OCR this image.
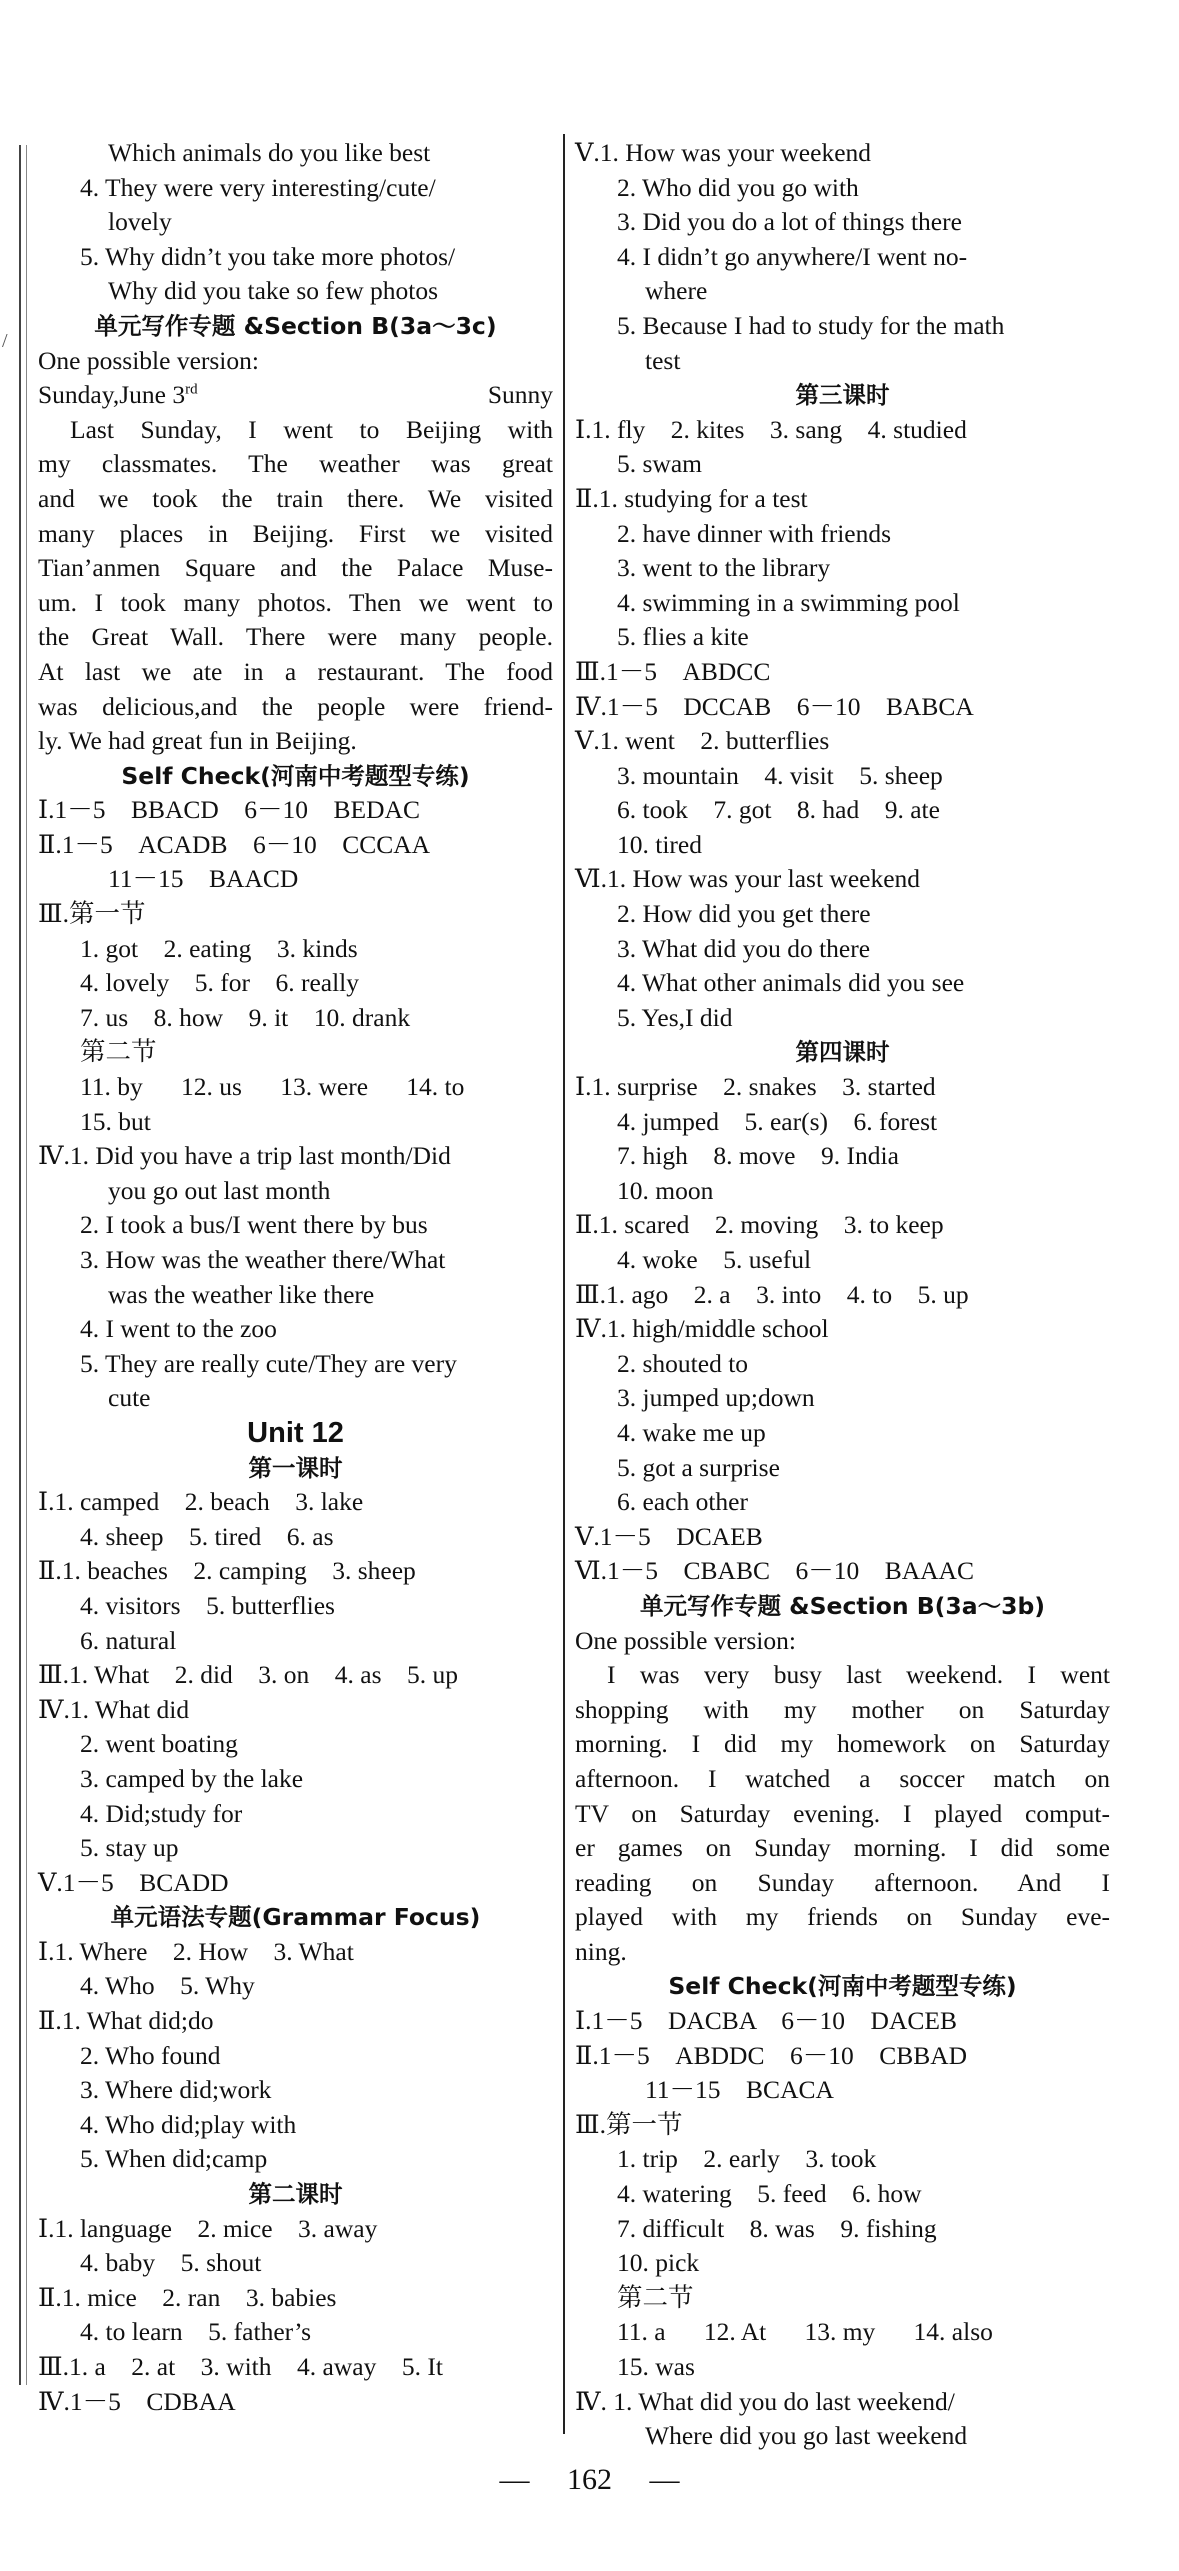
/
Which animals do you like best
4. They were very interesting/cute/
lovely
5. Why didn’t you take more photos/
Why did you take so few photos
单元写作专题 &Section B(3a～3c)
One possible version:
Sunday,June 3rd	Sunny
Last Sunday, I went to Beijing with
my classmates. The weather was great
and we took the train there. We visited
many places in Beijing. First we visited
Tian’anmen Square and the Palace Muse-
um. I took many photos. Then we went to
the Great Wall. There were many people.
At last we ate in a restaurant. The food
was delicious,and the people were friend-
ly. We had great fun in Beijing.
Self Check(河南中考题型专练)
Ⅰ.1－5　BBACD　6－10　BEDAC
Ⅱ.1－5　ACADB　6－10　CCCAA
11－15　BAACD
Ⅲ.第一节
1. got　2. eating　3. kinds
4. lovely　5. for　6. really
7. us　8. how　9. it　10. drank
第二节
11. by　  12. us　  13. were　  14. to
15. but
Ⅳ.1. Did you have a trip last month/Did
you go out last month
2. I took a bus/I went there by bus
3. How was the weather there/What
was the weather like there
4. I went to the zoo
5. They are really cute/They are very
cute
Unit 12
第一课时
Ⅰ.1. camped　2. beach　3. lake
4. sheep　5. tired　6. as
Ⅱ.1. beaches　2. camping　3. sheep
4. visitors　5. butterflies
6. natural
Ⅲ.1. What　2. did　3. on　4. as　5. up
Ⅳ.1. What did
2. went boating
3. camped by the lake
4. Did;study for
5. stay up
Ⅴ.1－5　BCADD
单元语法专题(Grammar Focus)
Ⅰ.1. Where　2. How　3. What
4. Who　5. Why
Ⅱ.1. What did;do
2. Who found
3. Where did;work
4. Who did;play with
5. When did;camp
第二课时
Ⅰ.1. language　2. mice　3. away
4. baby　5. shout
Ⅱ.1. mice　2. ran　3. babies
4. to learn　5. father’s
Ⅲ.1. a　2. at　3. with　4. away　5. It
Ⅳ.1－5　CDBAA
Ⅴ.1. How was your weekend
2. Who did you go with
3. Did you do a lot of things there
4. I didn’t go anywhere/I went no-
where
5. Because I had to study for the math
test
第三课时
Ⅰ.1. fly　2. kites　3. sang　4. studied
5. swam
Ⅱ.1. studying for a test
2. have dinner with friends
3. went to the library
4. swimming in a swimming pool
5. flies a kite
Ⅲ.1－5　ABDCC
Ⅳ.1－5　DCCAB　6－10　BABCA
Ⅴ.1. went　2. butterflies
3. mountain　4. visit　5. sheep
6. took　7. got　8. had　9. ate
10. tired
Ⅵ.1. How was your last weekend
2. How did you get there
3. What did you do there
4. What other animals did you see
5. Yes,I did
第四课时
Ⅰ.1. surprise　2. snakes　3. started
4. jumped　5. ear(s)　6. forest
7. high　8. move　9. India
10. moon
Ⅱ.1. scared　2. moving　3. to keep
4. woke　5. useful
Ⅲ.1. ago　2. a　3. into　4. to　5. up
Ⅳ.1. high/middle school
2. shouted to
3. jumped up;down
4. wake me up
5. got a surprise
6. each other
Ⅴ.1－5　DCAEB
Ⅵ.1－5　CBABC　6－10　BAAAC
单元写作专题 &Section B(3a～3b)
One possible version:
I was very busy last weekend. I went
shopping with my mother on Saturday
morning. I did my homework on Saturday
afternoon. I watched a soccer match on
TV on Saturday evening. I played comput-
er games on Sunday morning. I did some
reading on Sunday afternoon. And I
played with my friends on Sunday eve-
ning.
Self Check(河南中考题型专练)
Ⅰ.1－5　DACBA　6－10　DACEB
Ⅱ.1－5　ABDDC　6－10　CBBAD
11－15　BCACA
Ⅲ.第一节
1. trip　2. early　3. took
4. watering　5. feed　6. how
7. difficult　8. was　9. fishing
10. pick
第二节
11. a　  12. At　  13. my　  14. also
15. was
Ⅳ. 1. What did you do last weekend/
Where did you go last weekend
—　 162 　—
